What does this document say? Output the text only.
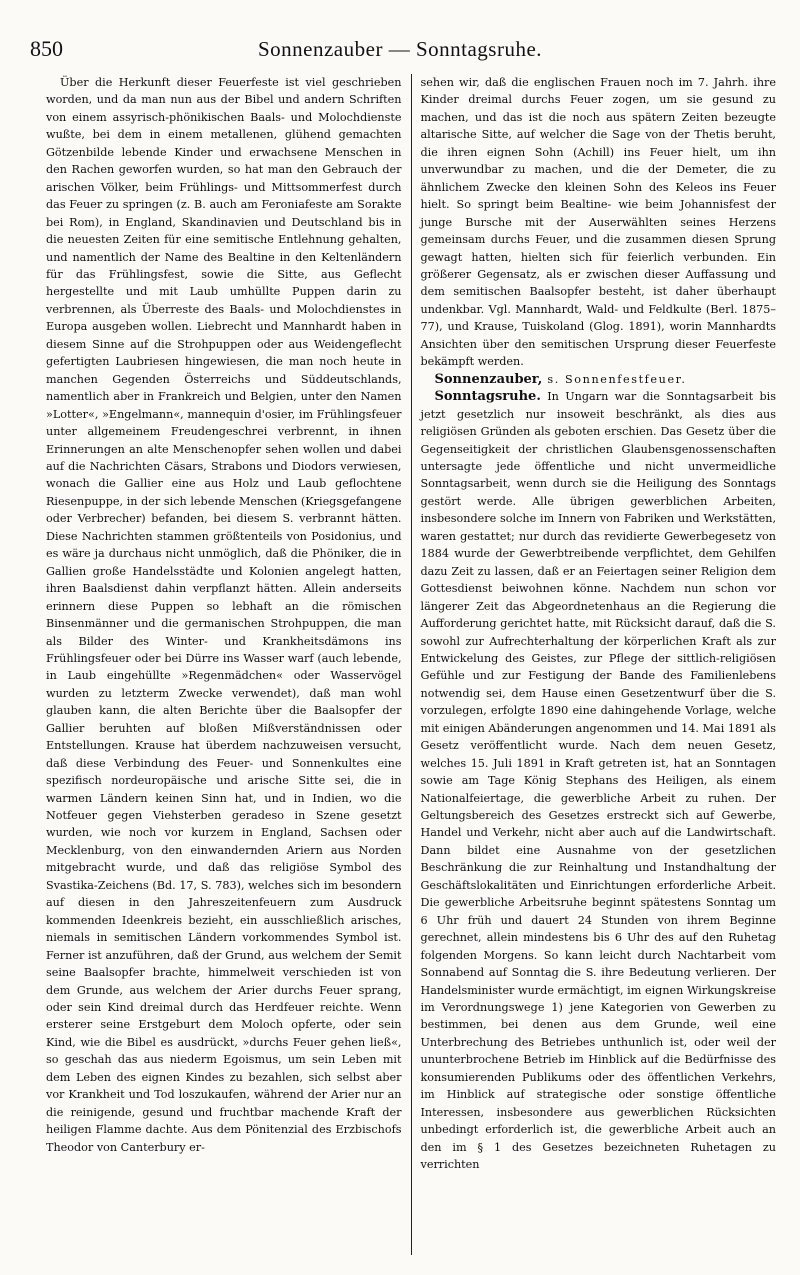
850	Sonnenzauber — Sonntagsruhe.

Über die Herkunft dieser Feuerfeste ist viel geschrieben worden, und da man nun aus der Bibel und andern Schriften von einem assyrisch-phönikischen Baals- und Molochdienste wußte, bei dem in einem metallenen, glühend gemachten Götzenbilde lebende Kinder und erwachsene Menschen in den Rachen geworfen wurden, so hat man den Gebrauch der arischen Völker, beim Frühlings- und Mittsommerfest durch das Feuer zu springen (z. B. auch am Feroniafeste am Sorakte bei Rom), in England, Skandinavien und Deutschland bis in die neuesten Zeiten für eine semitische Entlehnung gehalten, und namentlich der Name des Bealtine in den Keltenländern für das Frühlingsfest, sowie die Sitte, aus Geflecht hergestellte und mit Laub umhüllte Puppen darin zu verbrennen, als Überreste des Baals- und Molochdienstes in Europa ausgeben wollen. Liebrecht und Mannhardt haben in diesem Sinne auf die Strohpuppen oder aus Weidengeflecht gefertigten Laubriesen hingewiesen, die man noch heute in manchen Gegenden Österreichs und Süddeutschlands, namentlich aber in Frankreich und Belgien, unter den Namen »Lotter«, »Engelmann«, mannequin d'osier, im Frühlingsfeuer unter allgemeinem Freudengeschrei verbrennt, in ihnen Erinnerungen an alte Menschenopfer sehen wollen und dabei auf die Nachrichten Cäsars, Strabons und Diodors verwiesen, wonach die Gallier eine aus Holz und Laub geflochtene Riesenpuppe, in der sich lebende Menschen (Kriegsgefangene oder Verbrecher) befanden, bei diesem S. verbrannt hätten. Diese Nachrichten stammen größtenteils von Posidonius, und es wäre ja durchaus nicht unmöglich, daß die Phöniker, die in Gallien große Handelsstädte und Kolonien angelegt hatten, ihren Baalsdienst dahin verpflanzt hätten. Allein anderseits erinnern diese Puppen so lebhaft an die römischen Binsenmänner und die germanischen Strohpuppen, die man als Bilder des Winter- und Krankheitsdämons ins Frühlingsfeuer oder bei Dürre ins Wasser warf (auch lebende, in Laub eingehüllte »Regenmädchen« oder Wasservögel wurden zu letzterm Zwecke verwendet), daß man wohl glauben kann, die alten Berichte über die Baalsopfer der Gallier beruhten auf bloßen Mißverständnissen oder Entstellungen. Krause hat überdem nachzuweisen versucht, daß diese Verbindung des Feuer- und Sonnenkultes eine spezifisch nordeuropäische und arische Sitte sei, die in warmen Ländern keinen Sinn hat, und in Indien, wo die Notfeuer gegen Viehsterben geradeso in Szene gesetzt wurden, wie noch vor kurzem in England, Sachsen oder Mecklenburg, von den einwandernden Ariern aus Norden mitgebracht wurde, und daß das religiöse Symbol des Svastika-Zeichens (Bd. 17, S. 783), welches sich im besondern auf diesen in den Jahreszeitenfeuern zum Ausdruck kommenden Ideenkreis bezieht, ein ausschließlich arisches, niemals in semitischen Ländern vorkommendes Symbol ist. Ferner ist anzuführen, daß der Grund, aus welchem der Semit seine Baalsopfer brachte, himmelweit verschieden ist von dem Grunde, aus welchem der Arier durchs Feuer sprang, oder sein Kind dreimal durch das Herdfeuer reichte. Wenn ersterer seine Erstgeburt dem Moloch opferte, oder sein Kind, wie die Bibel es ausdrückt, »durchs Feuer gehen ließ«, so geschah das aus niederm Egoismus, um sein Leben mit dem Leben des eignen Kindes zu bezahlen, sich selbst aber vor Krankheit und Tod loszukaufen, während der Arier nur an die reinigende, gesund und fruchtbar machende Kraft der heiligen Flamme dachte. Aus dem Pönitenzial des Erzbischofs Theodor von Canterbury er-

sehen wir, daß die englischen Frauen noch im 7. Jahrh. ihre Kinder dreimal durchs Feuer zogen, um sie gesund zu machen, und das ist die noch aus spätern Zeiten bezeugte altarische Sitte, auf welcher die Sage von der Thetis beruht, die ihren eignen Sohn (Achill) ins Feuer hielt, um ihn unverwundbar zu machen, und die der Demeter, die zu ähnlichem Zwecke den kleinen Sohn des Keleos ins Feuer hielt. So springt beim Bealtine- wie beim Johannisfest der junge Bursche mit der Auserwählten seines Herzens gemeinsam durchs Feuer, und die zusammen diesen Sprung gewagt hatten, hielten sich für feierlich verbunden. Ein größerer Gegensatz, als er zwischen dieser Auffassung und dem semitischen Baalsopfer besteht, ist daher überhaupt undenkbar. Vgl. Mannhardt, Wald- und Feldkulte (Berl. 1875–77), und Krause, Tuiskoland (Glog. 1891), worin Mannhardts Ansichten über den semitischen Ursprung dieser Feuerfeste bekämpft werden.

Sonnenzauber, s. Sonnenfestfeuer.

Sonntagsruhe. In Ungarn war die Sonntagsarbeit bis jetzt gesetzlich nur insoweit beschränkt, als dies aus religiösen Gründen als geboten erschien. Das Gesetz über die Gegenseitigkeit der christlichen Glaubensgenossenschaften untersagte jede öffentliche und nicht unvermeidliche Sonntagsarbeit, wenn durch sie die Heiligung des Sonntags gestört werde. Alle übrigen gewerblichen Arbeiten, insbesondere solche im Innern von Fabriken und Werkstätten, waren gestattet; nur durch das revidierte Gewerbegesetz von 1884 wurde der Gewerbtreibende verpflichtet, dem Gehilfen dazu Zeit zu lassen, daß er an Feiertagen seiner Religion dem Gottesdienst beiwohnen könne. Nachdem nun schon vor längerer Zeit das Abgeordnetenhaus an die Regierung die Aufforderung gerichtet hatte, mit Rücksicht darauf, daß die S. sowohl zur Aufrechterhaltung der körperlichen Kraft als zur Entwickelung des Geistes, zur Pflege der sittlich-religiösen Gefühle und zur Festigung der Bande des Familienlebens notwendig sei, dem Hause einen Gesetzentwurf über die S. vorzulegen, erfolgte 1890 eine dahingehende Vorlage, welche mit einigen Abänderungen angenommen und 14. Mai 1891 als Gesetz veröffentlicht wurde. Nach dem neuen Gesetz, welches 15. Juli 1891 in Kraft getreten ist, hat an Sonntagen sowie am Tage König Stephans des Heiligen, als einem Nationalfeiertage, die gewerbliche Arbeit zu ruhen. Der Geltungsbereich des Gesetzes erstreckt sich auf Gewerbe, Handel und Verkehr, nicht aber auch auf die Landwirtschaft. Dann bildet eine Ausnahme von der gesetzlichen Beschränkung die zur Reinhaltung und Instandhaltung der Geschäftslokalitäten und Einrichtungen erforderliche Arbeit. Die gewerbliche Arbeitsruhe beginnt spätestens Sonntag um 6 Uhr früh und dauert 24 Stunden von ihrem Beginne gerechnet, allein mindestens bis 6 Uhr des auf den Ruhetag folgenden Morgens. So kann leicht durch Nachtarbeit vom Sonnabend auf Sonntag die S. ihre Bedeutung verlieren. Der Handelsminister wurde ermächtigt, im eignen Wirkungskreise im Verordnungswege 1) jene Kategorien von Gewerben zu bestimmen, bei denen aus dem Grunde, weil eine Unterbrechung des Betriebes unthunlich ist, oder weil der ununterbrochene Betrieb im Hinblick auf die Bedürfnisse des konsumierenden Publikums oder des öffentlichen Verkehrs, im Hinblick auf strategische oder sonstige öffentliche Interessen, insbesondere aus gewerblichen Rücksichten unbedingt erforderlich ist, die gewerbliche Arbeit auch an den im § 1 des Gesetzes bezeichneten Ruhetagen zu verrichten
